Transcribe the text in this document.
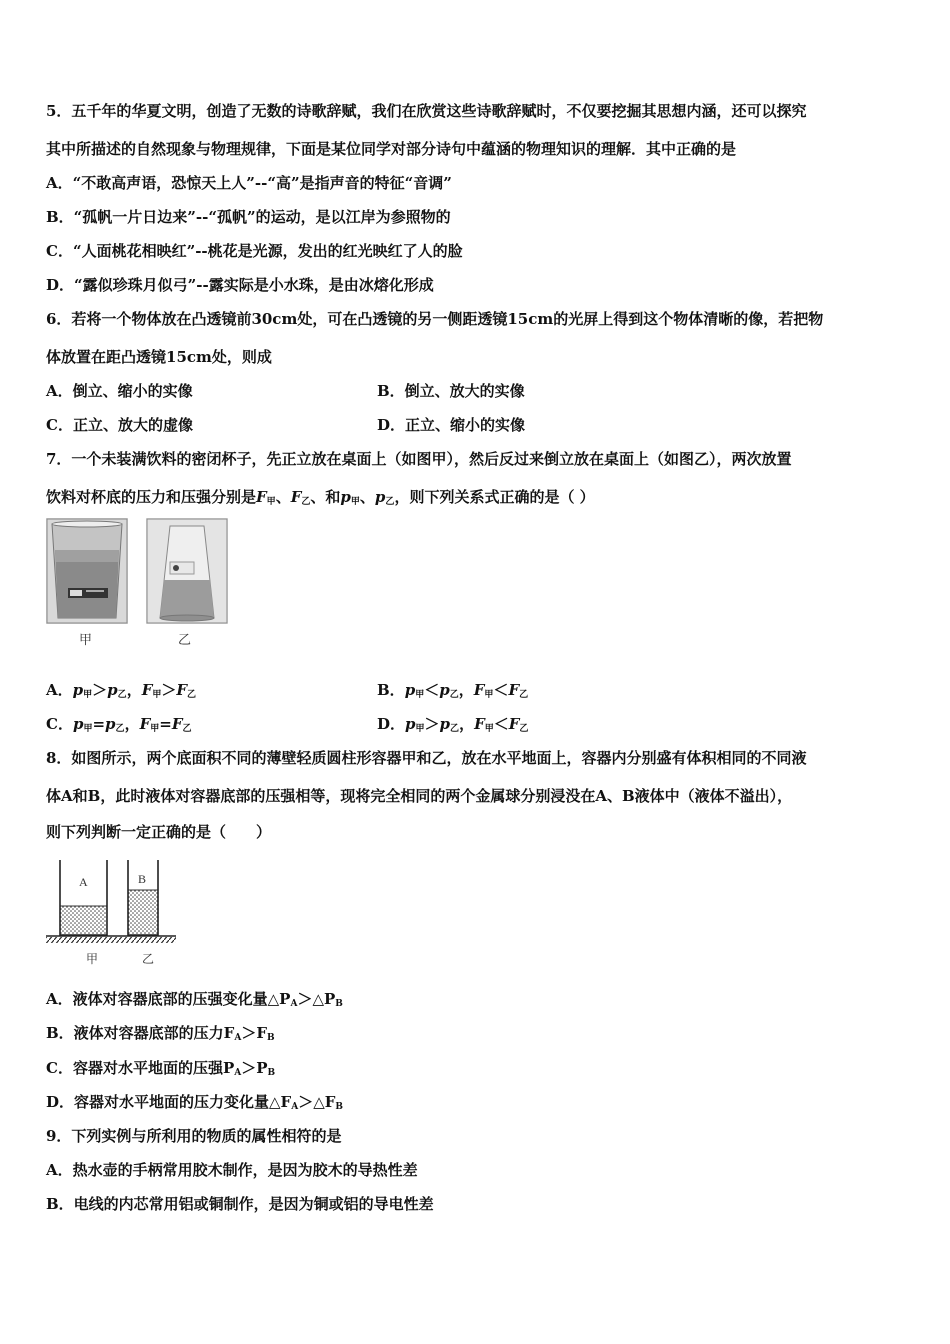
5．五千年的华夏文明，创造了无数的诗歌辞赋，我们在欣赏这些诗歌辞赋时，不仅要挖掘其思想内涵，还可以探究
其中所描述的自然现象与物理规律，下面是某位同学对部分诗句中蕴涵的物理知识的理解．其中正确的是
A．“不敢高声语，恐惊天上人”--“高”是指声音的特征“音调”
B．“孤帆一片日边来”--“孤帆”的运动，是以江岸为参照物的
C．“人面桃花相映红”--桃花是光源，发出的红光映红了人的脸
D．“露似珍珠月似弓”--露实际是小水珠，是由冰熔化形成
6．若将一个物体放在凸透镜前30cm处，可在凸透镜的另一侧距透镜15cm的光屏上得到这个物体清晰的像，若把物
体放置在距凸透镜15cm处，则成
A．倒立、缩小的实像	B．倒立、放大的实像
C．正立、放大的虚像	D．正立、缩小的实像
7．一个未装满饮料的密闭杯子，先正立放在桌面上（如图甲），然后反过来倒立放在桌面上（如图乙），两次放置
饮料对杯底的压力和压强分别是$F_甲$、$F_乙$、和$p_甲$、$p_乙$，则下列关系式正确的是（ ）
甲	乙
A．$p_甲>p_乙$，$F_甲>F_乙$	B．$p_甲<p_乙$，$F_甲<F_乙$
C．$p_甲=p_乙$，$F_甲=F_乙$	D．$p_甲>p_乙$，$F_甲<F_乙$
8．如图所示，两个底面积不同的薄壁轻质圆柱形容器甲和乙，放在水平地面上，容器内分别盛有体积相同的不同液
体A和B，此时液体对容器底部的压强相等，现将完全相同的两个金属球分别浸没在A、B液体中（液体不溢出），
则下列判断一定正确的是（　　）
A	B
甲	乙
A．液体对容器底部的压强变化量$\triangle P_A>\triangle P_B$
B．液体对容器底部的压力$F_A>F_B$
C．容器对水平地面的压强$P_A>P_B$
D．容器对水平地面的压力变化量$\triangle F_A>\triangle F_B$
9．下列实例与所利用的物质的属性相符的是
A．热水壶的手柄常用胶木制作，是因为胶木的导热性差
B．电线的内芯常用铝或铜制作，是因为铜或铝的导电性差
